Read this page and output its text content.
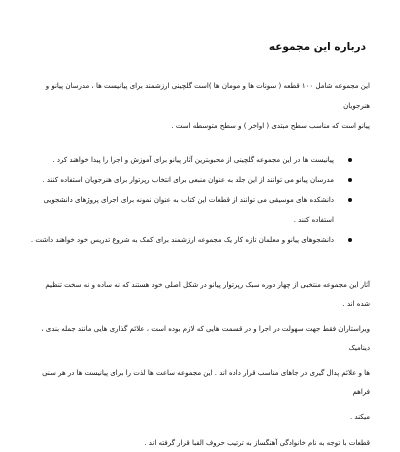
درباره این مجموعه

این مجموعه شامل ۱۰۰ قطعه ( سونات ها و مومان ها )است گلچینی ارزشمند برای پیانیست ها ، مدرسان پیانو و هنرجویان

پیانو است که مناسب سطح مبتدی ( اواخر ) و سطح متوسطه است .

پیانیست ها در این مجموعه گلچینی از محبوبترین آثار پیانو برای آموزش و اجرا را پیدا خواهند کرد .
مدرسان پیانو می توانند از این جلد به عنوان منبعی برای انتخاب رپرتوار برای هنرجویان استفاده کنند .
دانشکده های موسیقی می توانند از قطعات این کتاب به عنوان نمونه برای اجرای پروژهای دانشجویی استفاده کنند .
دانشجوهای پیانو و معلمان تازه کار یک مجموعه ارزشمند برای کمک به شروع تدریس خود خواهند داشت .

آثار این مجموعه منتخبی از چهار دوره سبک رپرتوار پیانو در شکل اصلی خود هستند که نه ساده و نه سخت تنظیم شده اند .

ویراستاران فقط جهت سهولت در اجرا و در قسمت هایی که لازم بوده است ، علائم گذاری هایی مانند جمله بندی ، دینامیک

ها و علائم پدال گیری در جاهای مناسب قرار داده اند . این مجموعه ساعت ها لذت را برای پیانیست ها در هر سنی فراهم

میکند .

قطعات با توجه به نام خانوادگی آهنگساز به ترتیب حروف الفبا قرار گرفته اند .
